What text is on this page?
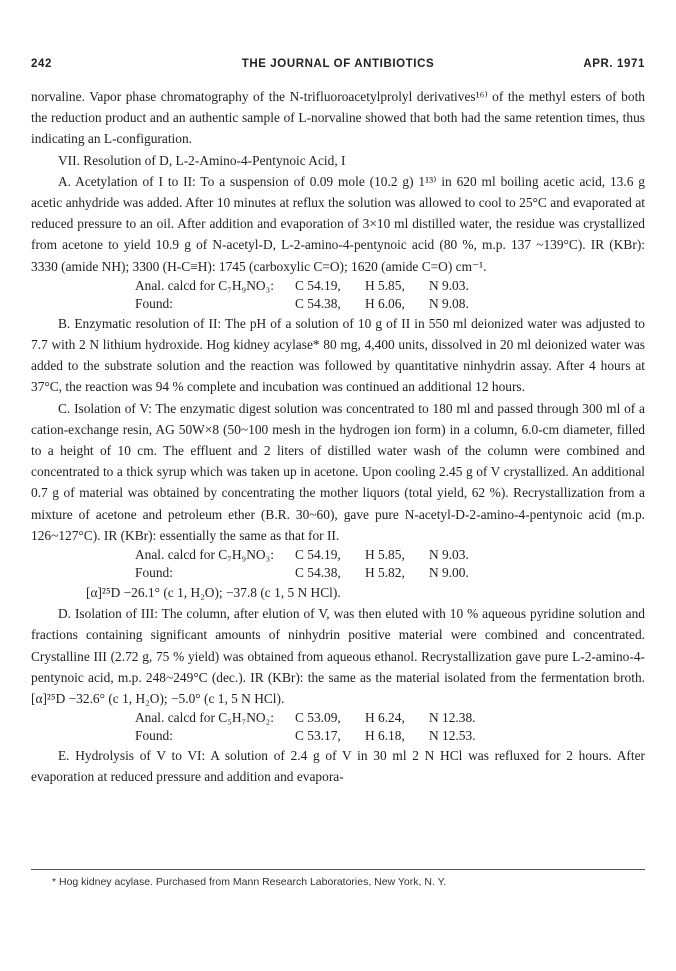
242	THE JOURNAL OF ANTIBIOTICS	APR. 1971

norvaline. Vapor phase chromatography of the N-trifluoroacetylprolyl derivatives¹⁶⁾ of the methyl esters of both the reduction product and an authentic sample of L-norvaline showed that both had the same retention times, thus indicating an L-configuration.

VII. Resolution of D, L-2-Amino-4-Pentynoic Acid, I

A. Acetylation of I to II: To a suspension of 0.09 mole (10.2 g) 1¹³⁾ in 620 ml boiling acetic acid, 13.6 g acetic anhydride was added. After 10 minutes at reflux the solution was allowed to cool to 25°C and evaporated at reduced pressure to an oil. After addition and evaporation of 3×10 ml distilled water, the residue was crystallized from acetone to yield 10.9 g of N-acetyl-D, L-2-amino-4-pentynoic acid (80 %, m.p. 137 ~139°C). IR (KBr): 3330 (amide NH); 3300 (H-C≡H): 1745 (carboxylic C=O); 1620 (amide C=O) cm⁻¹.

Anal. calcd for C₇H₉NO₃:	C 54.19,	H 5.85,	N 9.03.
Found:	C 54.38,	H 6.06,	N 9.08.

B. Enzymatic resolution of II: The pH of a solution of 10 g of II in 550 ml deionized water was adjusted to 7.7 with 2 N lithium hydroxide. Hog kidney acylase* 80 mg, 4,400 units, dissolved in 20 ml deionized water was added to the substrate solution and the reaction was followed by quantitative ninhydrin assay. After 4 hours at 37°C, the reaction was 94 % complete and incubation was continued an additional 12 hours.

C. Isolation of V: The enzymatic digest solution was concentrated to 180 ml and passed through 300 ml of a cation-exchange resin, AG 50W×8 (50~100 mesh in the hydrogen ion form) in a column, 6.0-cm diameter, filled to a height of 10 cm. The effluent and 2 liters of distilled water wash of the column were combined and concentrated to a thick syrup which was taken up in acetone. Upon cooling 2.45 g of V crystallized. An additional 0.7 g of material was obtained by concentrating the mother liquors (total yield, 62 %). Recrystallization from a mixture of acetone and petroleum ether (B.R. 30~60), gave pure N-acetyl-D-2-amino-4-pentynoic acid (m.p. 126~127°C). IR (KBr): essentially the same as that for II.

Anal. calcd for C₇H₉NO₃:	C 54.19,	H 5.85,	N 9.03.
Found:	C 54.38,	H 5.82,	N 9.00.

[α]²⁵D −26.1° (c 1, H₂O); −37.8 (c 1, 5 N HCl).

D. Isolation of III: The column, after elution of V, was then eluted with 10 % aqueous pyridine solution and fractions containing significant amounts of ninhydrin positive material were combined and concentrated. Crystalline III (2.72 g, 75 % yield) was obtained from aqueous ethanol. Recrystallization gave pure L-2-amino-4-pentynoic acid, m.p. 248~249°C (dec.). IR (KBr): the same as the material isolated from the fermentation broth. [α]²⁵D −32.6° (c 1, H₂O); −5.0° (c 1, 5 N HCl).

Anal. calcd for C₅H₇NO₂:	C 53.09,	H 6.24,	N 12.38.
Found:	C 53.17,	H 6.18,	N 12.53.

E. Hydrolysis of V to VI: A solution of 2.4 g of V in 30 ml 2 N HCl was refluxed for 2 hours. After evaporation at reduced pressure and addition and evapora-

* Hog kidney acylase. Purchased from Mann Research Laboratories, New York, N. Y.
